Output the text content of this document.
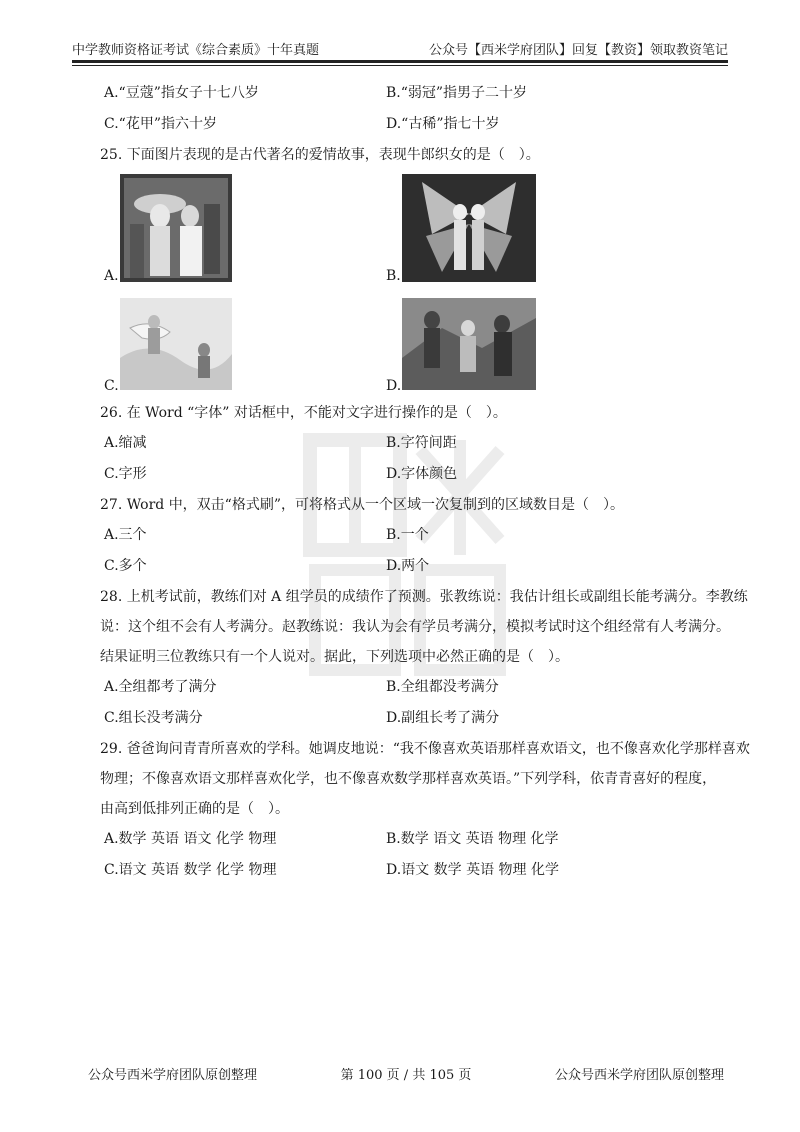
中学教师资格证考试《综合素质》十年真题	公众号【西米学府团队】回复【教资】领取教资笔记
A.“豆蔻”指女子十七八岁	B.“弱冠”指男子二十岁
C.“花甲”指六十岁	D.“古稀”指七十岁
25. 下面图片表现的是古代著名的爱情故事，表现牛郎织女的是（　）。
A.	B.
C.	D.
26. 在 Word “字体” 对话框中，不能对文字进行操作的是（　）。
A.缩减	B.字符间距
C.字形	D.字体颜色
27. Word 中，双击“格式刷”，可将格式从一个区域一次复制到的区域数目是（　）。
A.三个	B.一个
C.多个	D.两个
28. 上机考试前，教练们对 A 组学员的成绩作了预测。张教练说：我估计组长或副组长能考满分。李教练
说：这个组不会有人考满分。赵教练说：我认为会有学员考满分，模拟考试时这个组经常有人考满分。
结果证明三位教练只有一个人说对。据此，下列选项中必然正确的是（　）。
A.全组都考了满分	B.全组都没考满分
C.组长没考满分	D.副组长考了满分
29. 爸爸询问青青所喜欢的学科。她调皮地说：“我不像喜欢英语那样喜欢语文，也不像喜欢化学那样喜欢
物理；不像喜欢语文那样喜欢化学，也不像喜欢数学那样喜欢英语。”下列学科，依青青喜好的程度，
由高到低排列正确的是（　）。
A.数学 英语 语文 化学 物理	B.数学 语文 英语 物理 化学
C.语文 英语 数学 化学 物理	D.语文 数学 英语 物理 化学
公众号西米学府团队原创整理	第 100 页 / 共 105 页	公众号西米学府团队原创整理
